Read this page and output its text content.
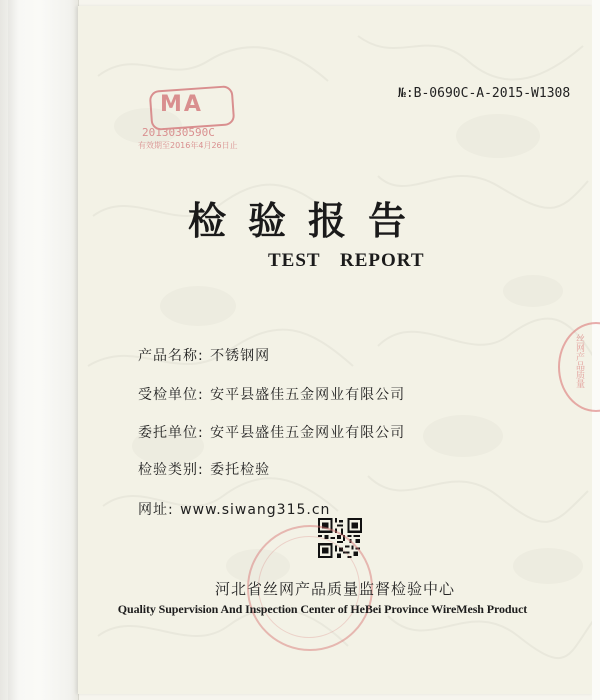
MA
2013030590C
有效期至2016年4月26日止
№:B-0690C-A-2015-W1308
检验报告
TEST REPORT
产品名称: 不锈钢网
受检单位: 安平县盛佳五金网业有限公司
委托单位: 安平县盛佳五金网业有限公司
检验类别: 委托检验
网址: www.siwang315.cn
丝网产品质量
河北省丝网产品质量监督检验中心
Quality Supervision And Inspection Center of HeBei Province WireMesh Product
